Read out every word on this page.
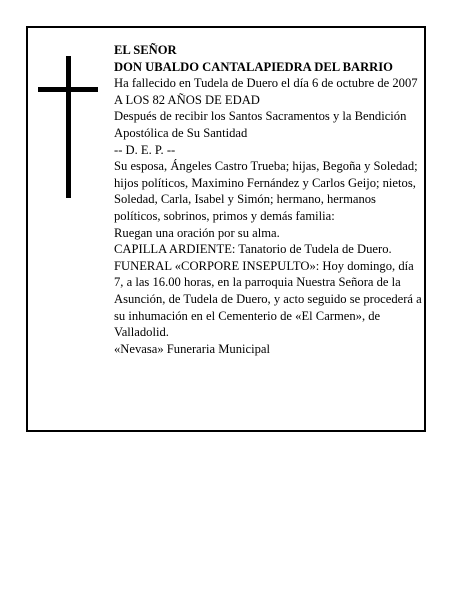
EL SEÑOR

DON UBALDO CANTALAPIEDRA DEL BARRIO

Ha fallecido en Tudela de Duero el día 6 de octubre de 2007

A LOS 82 AÑOS DE EDAD

Después de recibir los Santos Sacramentos y la Bendición Apostólica de Su Santidad

-- D. E. P. --

Su esposa, Ángeles Castro Trueba; hijas, Begoña y Soledad; hijos políticos, Maximino Fernández y Carlos Geijo; nietos, Soledad, Carla, Isabel y Simón; hermano, hermanos políticos, sobrinos, primos y demás familia:

Ruegan una oración por su alma.

CAPILLA ARDIENTE: Tanatorio de Tudela de Duero.

FUNERAL «CORPORE INSEPULTO»: Hoy domingo, día 7, a las 16.00 horas, en la parroquia Nuestra Señora de la Asunción, de Tudela de Duero, y acto seguido se procederá a su inhumación en el Cementerio de «El Carmen», de Valladolid.

«Nevasa» Funeraria Municipal
